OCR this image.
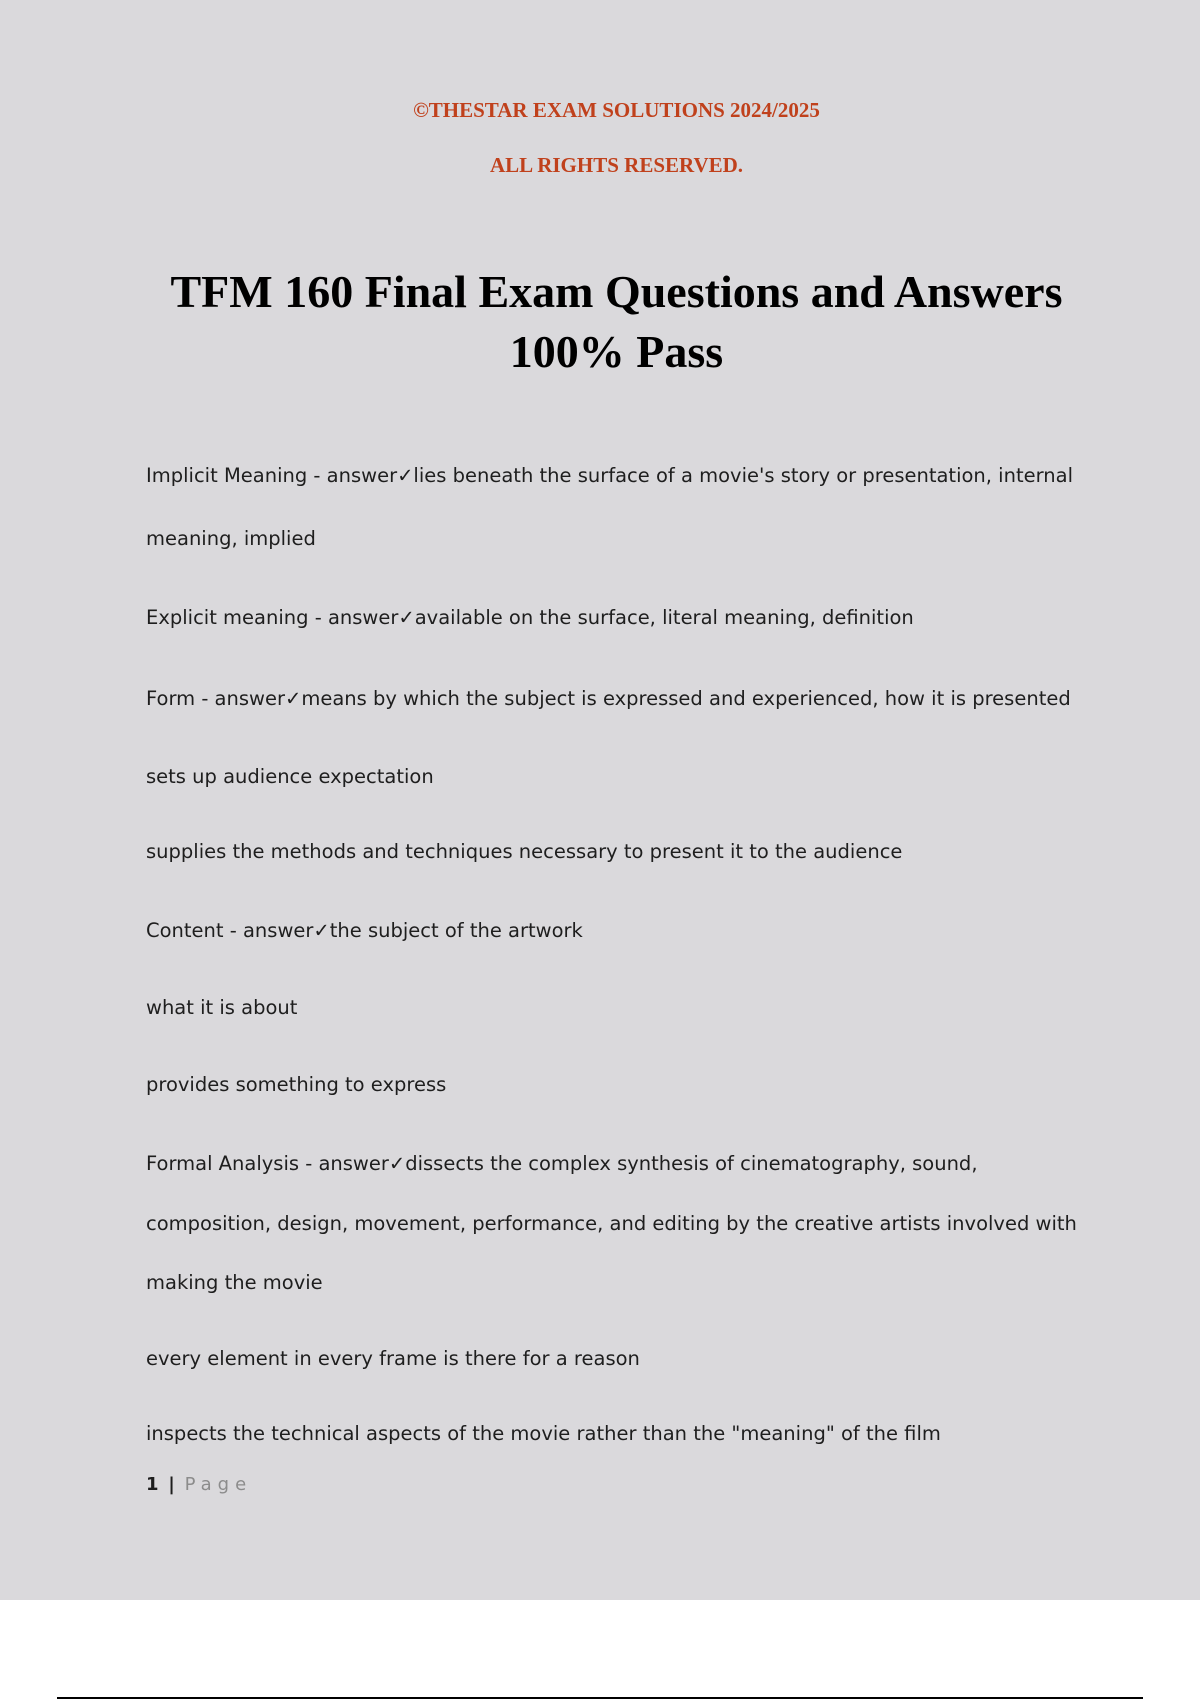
©THESTAR EXAM SOLUTIONS 2024/2025
ALL RIGHTS RESERVED.
TFM 160 Final Exam Questions and Answers
100% Pass
Implicit Meaning - answer✓lies beneath the surface of a movie's story or presentation, internal
meaning, implied
Explicit meaning - answer✓available on the surface, literal meaning, definition
Form - answer✓means by which the subject is expressed and experienced, how it is presented
sets up audience expectation
supplies the methods and techniques necessary to present it to the audience
Content - answer✓the subject of the artwork
what it is about
provides something to express
Formal Analysis - answer✓dissects the complex synthesis of cinematography, sound,
composition, design, movement, performance, and editing by the creative artists involved with
making the movie
every element in every frame is there for a reason
inspects the technical aspects of the movie rather than the "meaning" of the film
1 | Page
